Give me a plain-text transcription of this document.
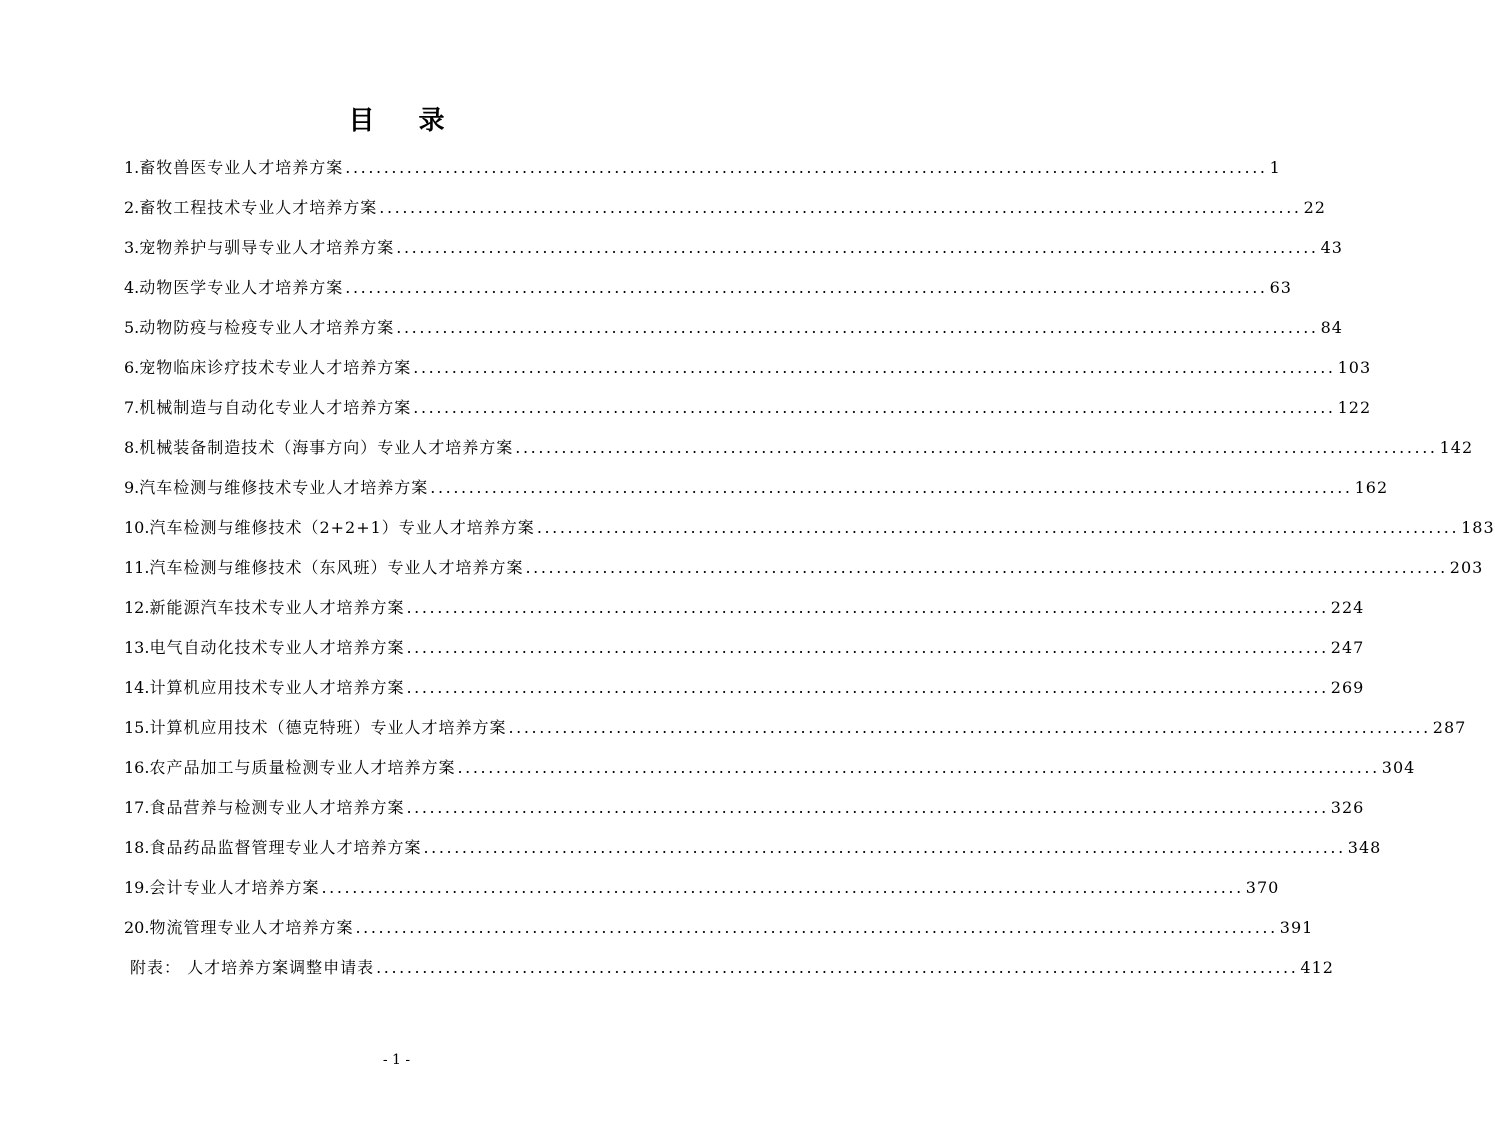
目 录
1. 畜牧兽医专业人才培养方案 ........................................................................................................................ 1
2. 畜牧工程技术专业人才培养方案 ........................................................................................................................ 22
3. 宠物养护与驯导专业人才培养方案 ........................................................................................................................ 43
4. 动物医学专业人才培养方案 ........................................................................................................................ 63
5. 动物防疫与检疫专业人才培养方案 ........................................................................................................................ 84
6. 宠物临床诊疗技术专业人才培养方案 ........................................................................................................................ 103
7. 机械制造与自动化专业人才培养方案 ........................................................................................................................ 122
8. 机械装备制造技术（海事方向）专业人才培养方案 ........................................................................................................................ 142
9. 汽车检测与维修技术专业人才培养方案 ........................................................................................................................ 162
10. 汽车检测与维修技术（2+2+1）专业人才培养方案 ........................................................................................................................ 183
11. 汽车检测与维修技术（东风班）专业人才培养方案 ........................................................................................................................ 203
12. 新能源汽车技术专业人才培养方案 ........................................................................................................................ 224
13. 电气自动化技术专业人才培养方案 ........................................................................................................................ 247
14. 计算机应用技术专业人才培养方案 ........................................................................................................................ 269
15. 计算机应用技术（德克特班）专业人才培养方案 ........................................................................................................................ 287
16. 农产品加工与质量检测专业人才培养方案 ........................................................................................................................ 304
17. 食品营养与检测专业人才培养方案 ........................................................................................................................ 326
18. 食品药品监督管理专业人才培养方案 ........................................................................................................................ 348
19. 会计专业人才培养方案 ........................................................................................................................ 370
20. 物流管理专业人才培养方案 ........................................................................................................................ 391
附表： 人才培养方案调整申请表 ........................................................................................................................ 412
- 1 -
